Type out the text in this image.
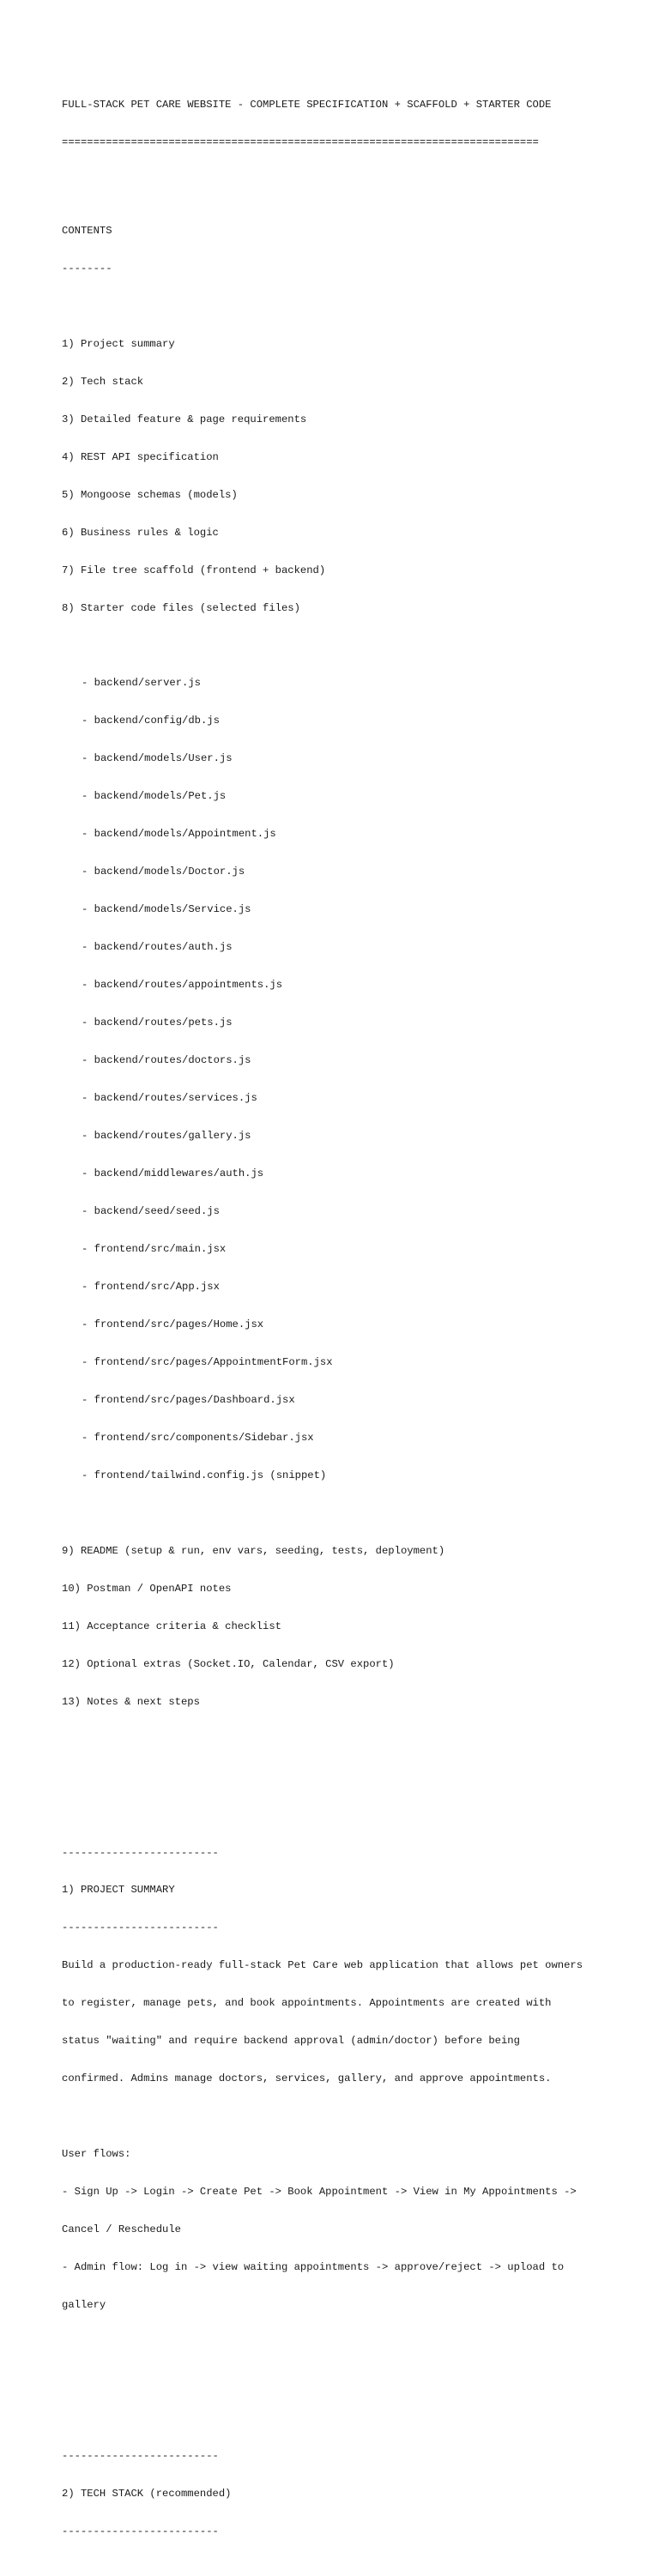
FULL-STACK PET CARE WEBSITE - COMPLETE SPECIFICATION + SCAFFOLD + STARTER CODE

============================================================================

CONTENTS

--------

1) Project summary

2) Tech stack

3) Detailed feature & page requirements

4) REST API specification

5) Mongoose schemas (models)

6) Business rules & logic

7) File tree scaffold (frontend + backend)

8) Starter code files (selected files)

- backend/server.js

- backend/config/db.js

- backend/models/User.js

- backend/models/Pet.js

- backend/models/Appointment.js

- backend/models/Doctor.js

- backend/models/Service.js

- backend/routes/auth.js

- backend/routes/appointments.js

- backend/routes/pets.js

- backend/routes/doctors.js

- backend/routes/services.js

- backend/routes/gallery.js

- backend/middlewares/auth.js

- backend/seed/seed.js

- frontend/src/main.jsx

- frontend/src/App.jsx

- frontend/src/pages/Home.jsx

- frontend/src/pages/AppointmentForm.jsx

- frontend/src/pages/Dashboard.jsx

- frontend/src/components/Sidebar.jsx

- frontend/tailwind.config.js (snippet)

9) README (setup & run, env vars, seeding, tests, deployment)

10) Postman / OpenAPI notes

11) Acceptance criteria & checklist

12) Optional extras (Socket.IO, Calendar, CSV export)

13) Notes & next steps

-------------------------

1) PROJECT SUMMARY

-------------------------

Build a production-ready full-stack Pet Care web application that allows pet owners

to register, manage pets, and book appointments. Appointments are created with

status "waiting" and require backend approval (admin/doctor) before being

confirmed. Admins manage doctors, services, gallery, and approve appointments.

User flows:

- Sign Up -> Login -> Create Pet -> Book Appointment -> View in My Appointments ->

Cancel / Reschedule

- Admin flow: Log in -> view waiting appointments -> approve/reject -> upload to

gallery

-------------------------

2) TECH STACK (recommended)

-------------------------
